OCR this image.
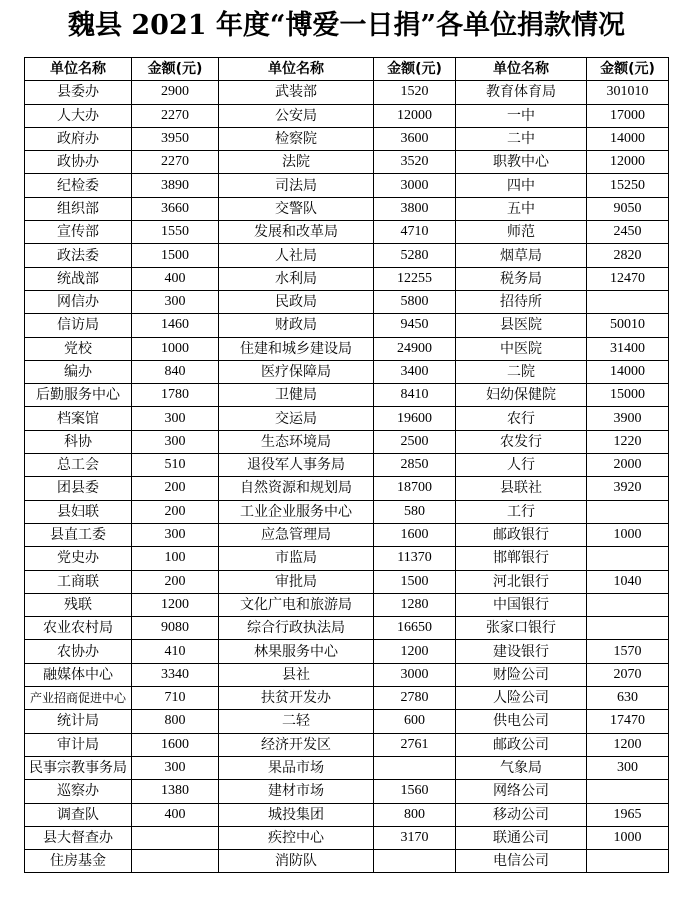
魏县 2021 年度“博爱一日捐”各单位捐款情况
单位名称	金额(元)	单位名称	金额(元)	单位名称	金额(元)
县委办	2900	武装部	1520	教育体育局	301010
人大办	2270	公安局	12000	一中	17000
政府办	3950	检察院	3600	二中	14000
政协办	2270	法院	3520	职教中心	12000
纪检委	3890	司法局	3000	四中	15250
组织部	3660	交警队	3800	五中	9050
宣传部	1550	发展和改革局	4710	师范	2450
政法委	1500	人社局	5280	烟草局	2820
统战部	400	水利局	12255	税务局	12470
网信办	300	民政局	5800	招待所	
信访局	1460	财政局	9450	县医院	50010
党校	1000	住建和城乡建设局	24900	中医院	31400
编办	840	医疗保障局	3400	二院	14000
后勤服务中心	1780	卫健局	8410	妇幼保健院	15000
档案馆	300	交运局	19600	农行	3900
科协	300	生态环境局	2500	农发行	1220
总工会	510	退役军人事务局	2850	人行	2000
团县委	200	自然资源和规划局	18700	县联社	3920
县妇联	200	工业企业服务中心	580	工行	
县直工委	300	应急管理局	1600	邮政银行	1000
党史办	100	市监局	11370	邯郸银行	
工商联	200	审批局	1500	河北银行	1040
残联	1200	文化广电和旅游局	1280	中国银行	
农业农村局	9080	综合行政执法局	16650	张家口银行	
农协办	410	林果服务中心	1200	建设银行	1570
融媒体中心	3340	县社	3000	财险公司	2070
产业招商促进中心	710	扶贫开发办	2780	人险公司	630
统计局	800	二轻	600	供电公司	17470
审计局	1600	经济开发区	2761	邮政公司	1200
民事宗教事务局	300	果品市场		气象局	300
巡察办	1380	建材市场	1560	网络公司	
调查队	400	城投集团	800	移动公司	1965
县大督查办		疾控中心	3170	联通公司	1000
住房基金		消防队		电信公司	
